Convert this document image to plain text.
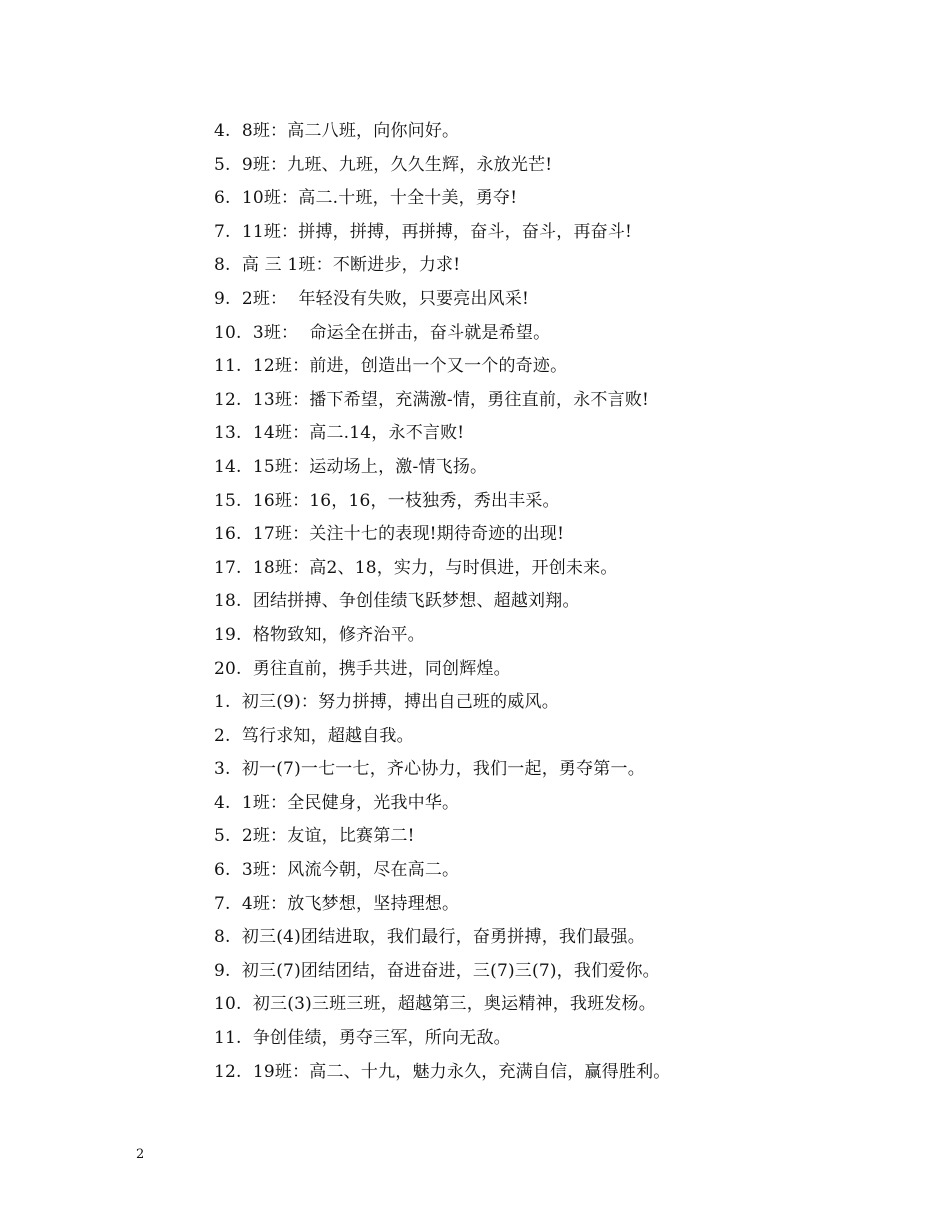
4.  8班：高二八班，向你问好。
5.  9班：九班、九班，久久生辉，永放光芒!
6.  10班：高二.十班，十全十美，勇夺!
7.  11班：拼搏，拼搏，再拼搏，奋斗，奋斗，再奋斗!
8.  高 三 1班：不断进步，力求!
9.  2班：  年轻没有失败，只要亮出风采!
10.  3班：  命运全在拼击，奋斗就是希望。
11.  12班：前进，创造出一个又一个的奇迹。
12.  13班：播下希望，充满激-情，勇往直前，永不言败!
13.  14班：高二.14，永不言败!
14.  15班：运动场上，激-情飞扬。
15.  16班：16，16，一枝独秀，秀出丰采。
16.  17班：关注十七的表现!期待奇迹的出现!
17.  18班：高2、18，实力，与时俱进，开创未来。
18.  团结拼搏、争创佳绩飞跃梦想、超越刘翔。
19.  格物致知，修齐治平。
20.  勇往直前，携手共进，同创辉煌。
1.  初三(9)：努力拼搏，搏出自己班的威风。
2.  笃行求知，超越自我。
3.  初一(7)一七一七，齐心协力，我们一起，勇夺第一。
4.  1班：全民健身，光我中华。
5.  2班：友谊，比赛第二!
6.  3班：风流今朝，尽在高二。
7.  4班：放飞梦想，坚持理想。
8.  初三(4)团结进取，我们最行，奋勇拼搏，我们最强。
9.  初三(7)团结团结，奋进奋进，三(7)三(7)，我们爱你。
10.  初三(3)三班三班，超越第三，奥运精神，我班发杨。
11.  争创佳绩，勇夺三军，所向无敌。
12.  19班：高二、十九，魅力永久，充满自信，赢得胜利。
2
